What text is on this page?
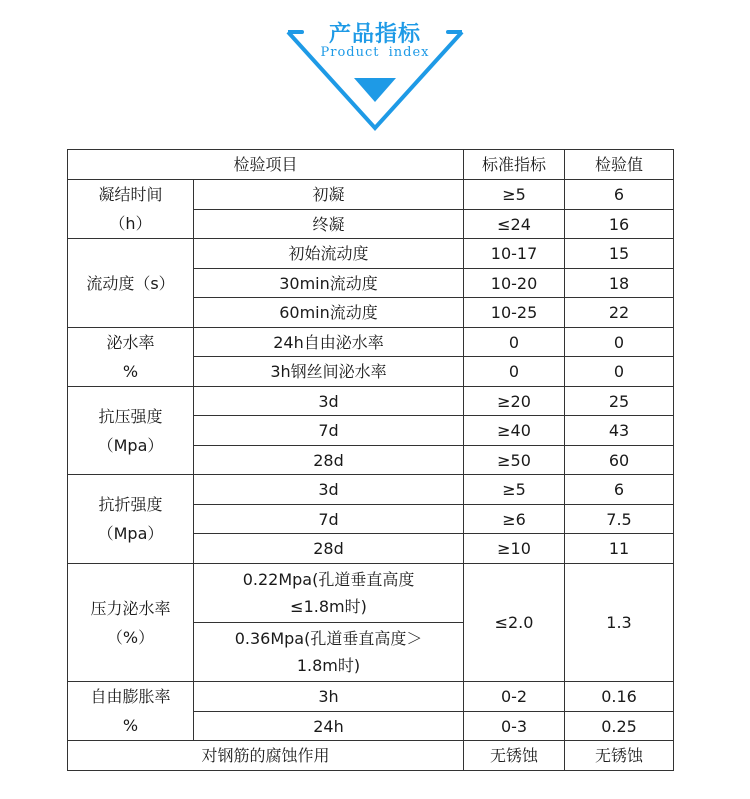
产品指标
Product index
检验项目		标准指标	检验值

凝结时间
（h）	初凝	≥5	6
	终凝	≤24	16
流动度（s）	初始流动度	10-17	15
	30min流动度	10-20	18
	60min流动度	10-25	22

泌水率
%	24h自由泌水率	0	0
	3h钢丝间泌水率	0	0

抗压强度
（Mpa）	3d	≥20	25
	7d	≥40	43
	28d	≥50	60

抗折强度
（Mpa）	3d	≥5	6
	7d	≥6	7.5
	28d	≥10	11

压力泌水率
（%）	0.22Mpa(孔道垂直高度
≤1.8m时)	≤2.0	1.3

	0.36Mpa(孔道垂直高度＞
1.8m时)		

自由膨胀率
%	3h	0-2	0.16
	24h	0-3	0.25
对钢筋的腐蚀作用		无锈蚀	无锈蚀
